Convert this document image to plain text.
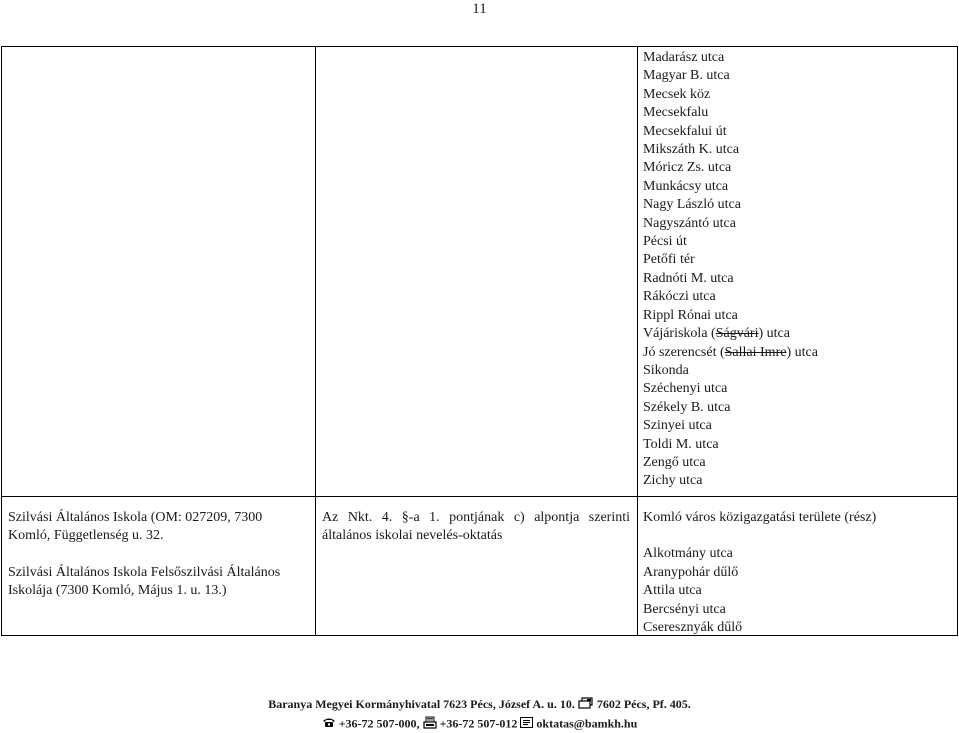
11
Madarász utca
Magyar B. utca
Mecsek köz
Mecsekfalu
Mecsekfalui út
Mikszáth K. utca
Móricz Zs. utca
Munkácsy utca
Nagy László utca
Nagyszántó utca
Pécsi út
Petőfi tér
Radnóti M. utca
Rákóczi utca
Rippl Rónai utca
Vájáriskola (Ságvári) utca
Jó szerencsét (Sallai Imre) utca
Sikonda
Széchenyi utca
Székely B. utca
Szinyei utca
Toldi M. utca
Zengő utca
Zichy utca
Szilvási Általános Iskola (OM: 027209, 7300 Komló, Függetlenség u. 32.
Szilvási Általános Iskola Felsőszilvási Általános Iskolája (7300 Komló, Május 1. u. 13.)
Az Nkt. 4. §-a 1. pontjának c) alpontja szerinti általános iskolai nevelés-oktatás
Komló város közigazgatási területe (rész)
Alkotmány utca
Aranypohár dűlő
Attila utca
Bercsényi utca
Cseresznyák dűlő
Baranya Megyei Kormányhivatal 7623 Pécs, József A. u. 10.  7602 Pécs, Pf. 405.
+36-72 507-000, +36-72 507-012 oktatas@bamkh.hu
